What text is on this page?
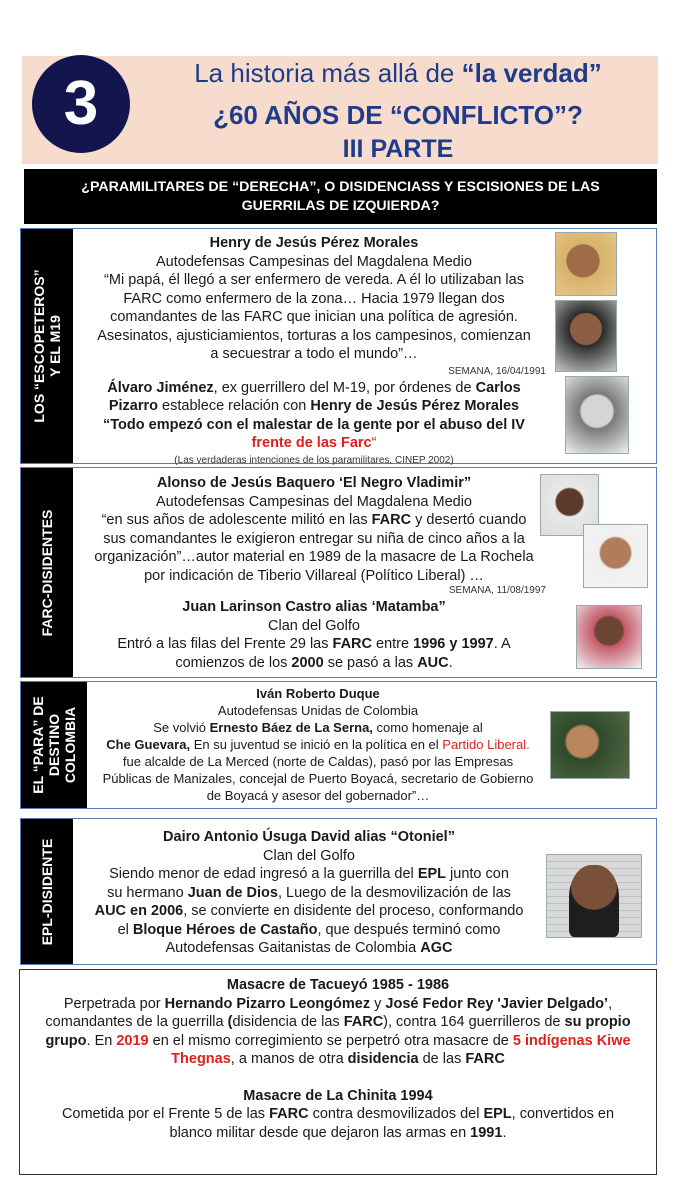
3	La historia más allá de “la verdad”
¿60 AÑOS DE “CONFLICTO”?
III PARTE
¿PARAMILITARES DE “DERECHA”, O DISIDENCIASS Y ESCISIONES DE LAS
GUERRILAS DE IZQUIERDA?
LOS “ESCOPETEROS” Y EL M19
Henry de Jesús Pérez Morales
Autodefensas Campesinas del Magdalena Medio
“Mi papá, él llegó a ser enfermero de vereda. A él lo utilizaban las
FARC como enfermero de la zona… Hacia 1979 llegan dos
comandantes de las FARC que inician una política de agresión.
Asesinatos, ajusticiamientos, torturas a los campesinos, comienzan
a secuestrar a todo el mundo”…
SEMANA, 16/04/1991
Álvaro Jiménez, ex guerrillero del M-19, por órdenes de Carlos
Pizarro establece relación con Henry de Jesús Pérez Morales
“Todo empezó con el malestar de la gente por el abuso del IV
frente de las Farc“
(Las verdaderas intenciones de los paramilitares, CINEP 2002)
FARC-DISIDENTES
Alonso de Jesús Baquero ‘El Negro Vladimir”
Autodefensas Campesinas del Magdalena Medio
“en sus años de adolescente militó en las FARC y desertó cuando
sus comandantes le exigieron entregar su niña de cinco años a la
organización”…autor material en 1989 de la masacre de La Rochela
por indicación de Tiberio Villareal (Político Liberal) …
SEMANA, 11/08/1997
Juan Larinson Castro alias ‘Matamba”
Clan del Golfo
Entró a las filas del Frente 29 las FARC entre 1996 y 1997. A
comienzos de los 2000 se pasó a las AUC.
EL “PARA” DE DESTINO COLOMBIA
Iván Roberto Duque
Autodefensas Unidas de Colombia
Se volvió Ernesto Báez de La Serna, como homenaje al
Che Guevara, En su juventud se inició en la política en el Partido Liberal.
fue alcalde de La Merced (norte de Caldas), pasó por las Empresas
Públicas de Manizales, concejal de Puerto Boyacá, secretario de Gobierno
de Boyacá y asesor del gobernador”…
EPL-DISIDENTE
Dairo Antonio Úsuga David alias “Otoniel”
Clan del Golfo
Siendo menor de edad ingresó a la guerrilla del EPL junto con
su hermano Juan de Dios, Luego de la desmovilización de las
AUC en 2006, se convierte en disidente del proceso, conformando
el Bloque Héroes de Castaño, que después terminó como
Autodefensas Gaitanistas de Colombia AGC
Masacre de Tacueyó 1985 - 1986
Perpetrada por Hernando Pizarro Leongómez y José Fedor Rey 'Javier Delgado’,
comandantes de la guerrilla (disidencia de las FARC), contra 164 guerrilleros de su propio
grupo. En 2019 en el mismo corregimiento se perpetró otra masacre de 5 indígenas Kiwe
Thegnas, a manos de otra disidencia de las FARC
Masacre de La Chinita 1994
Cometida por el Frente 5 de las FARC contra desmovilizados del EPL, convertidos en
blanco militar desde que dejaron las armas en 1991.
